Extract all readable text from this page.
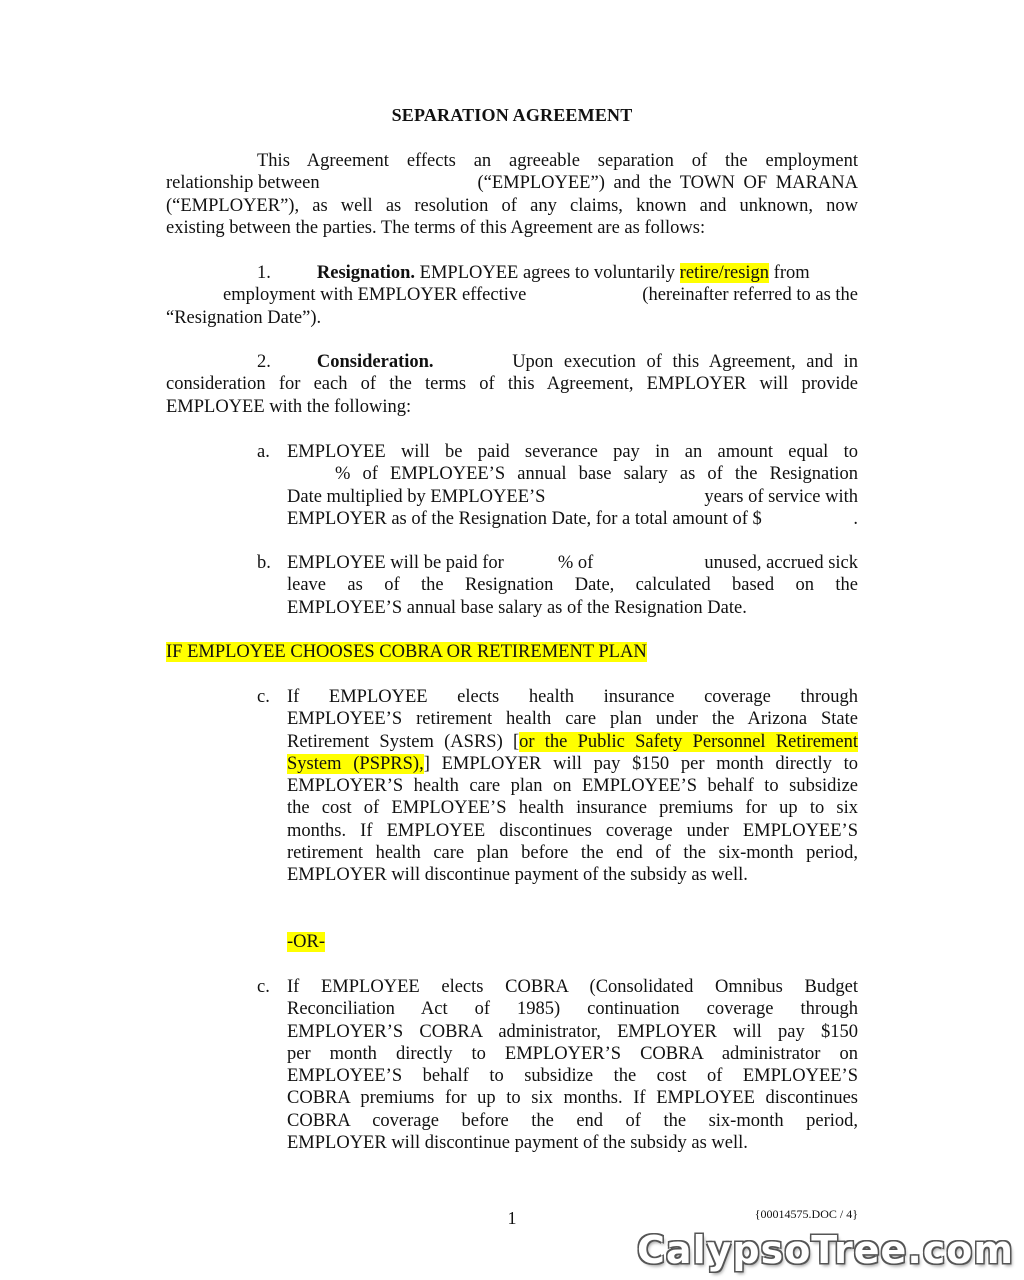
SEPARATION AGREEMENT
This Agreement effects an agreeable separation of the employment
relationship between	(“EMPLOYEE”) and the TOWN OF MARANA
(“EMPLOYER”), as well as resolution of any claims, known and unknown, now
existing between the parties. The terms of this Agreement are as follows:
1. Resignation. EMPLOYEE agrees to voluntarily retire/resign from
employment with EMPLOYER effective	(hereinafter referred to as the
“Resignation Date”).
2. Consideration.	Upon execution of this Agreement, and in
consideration for each of the terms of this Agreement, EMPLOYER will provide
EMPLOYEE with the following:
a. EMPLOYEE will be paid severance pay in an amount equal to
% of EMPLOYEE’S annual base salary as of the Resignation
Date multiplied by EMPLOYEE’S	years of service with
EMPLOYER as of the Resignation Date, for a total amount of $	.
b. EMPLOYEE will be paid for	% of	unused, accrued sick
leave as of the Resignation Date, calculated based on the
EMPLOYEE’S annual base salary as of the Resignation Date.
IF EMPLOYEE CHOOSES COBRA OR RETIREMENT PLAN
c. If EMPLOYEE elects health insurance coverage through
EMPLOYEE’S retirement health care plan under the Arizona State
Retirement System (ASRS) [or the Public Safety Personnel Retirement
System (PSPRS),] EMPLOYER will pay $150 per month directly to
EMPLOYER’S health care plan on EMPLOYEE’S behalf to subsidize
the cost of EMPLOYEE’S health insurance premiums for up to six
months. If EMPLOYEE discontinues coverage under EMPLOYEE’S
retirement health care plan before the end of the six-month period,
EMPLOYER will discontinue payment of the subsidy as well.
-OR-
c. If EMPLOYEE elects COBRA (Consolidated Omnibus Budget
Reconciliation Act of 1985) continuation coverage through
EMPLOYER’S COBRA administrator, EMPLOYER will pay $150
per month directly to EMPLOYER’S COBRA administrator on
EMPLOYEE’S behalf to subsidize the cost of EMPLOYEE’S
COBRA premiums for up to six months. If EMPLOYEE discontinues
COBRA coverage before the end of the six-month period,
EMPLOYER will discontinue payment of the subsidy as well.
1	{00014575.DOC / 4}
CalypsoTree.com
